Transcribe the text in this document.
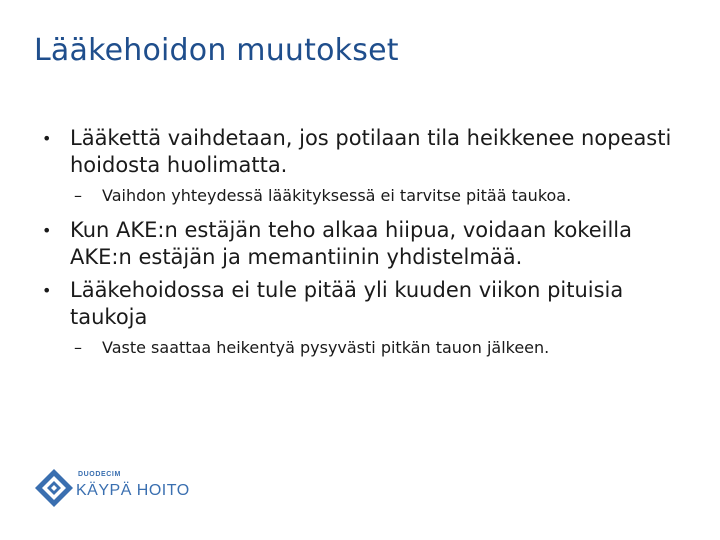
Lääkehoidon muutokset
• Lääkettä vaihdetaan, jos potilaan tila heikkenee nopeasti hoidosta huolimatta.
– Vaihdon yhteydessä lääkityksessä ei tarvitse pitää taukoa.
• Kun AKE:n estäjän teho alkaa hiipua, voidaan kokeilla AKE:n estäjän ja memantiinin yhdistelmää.
• Lääkehoidossa ei tule pitää yli kuuden viikon pituisia taukoja
– Vaste saattaa heikentyä pysyvästi pitkän tauon jälkeen.
DUODECIM
KÄYPÄ HOITO
